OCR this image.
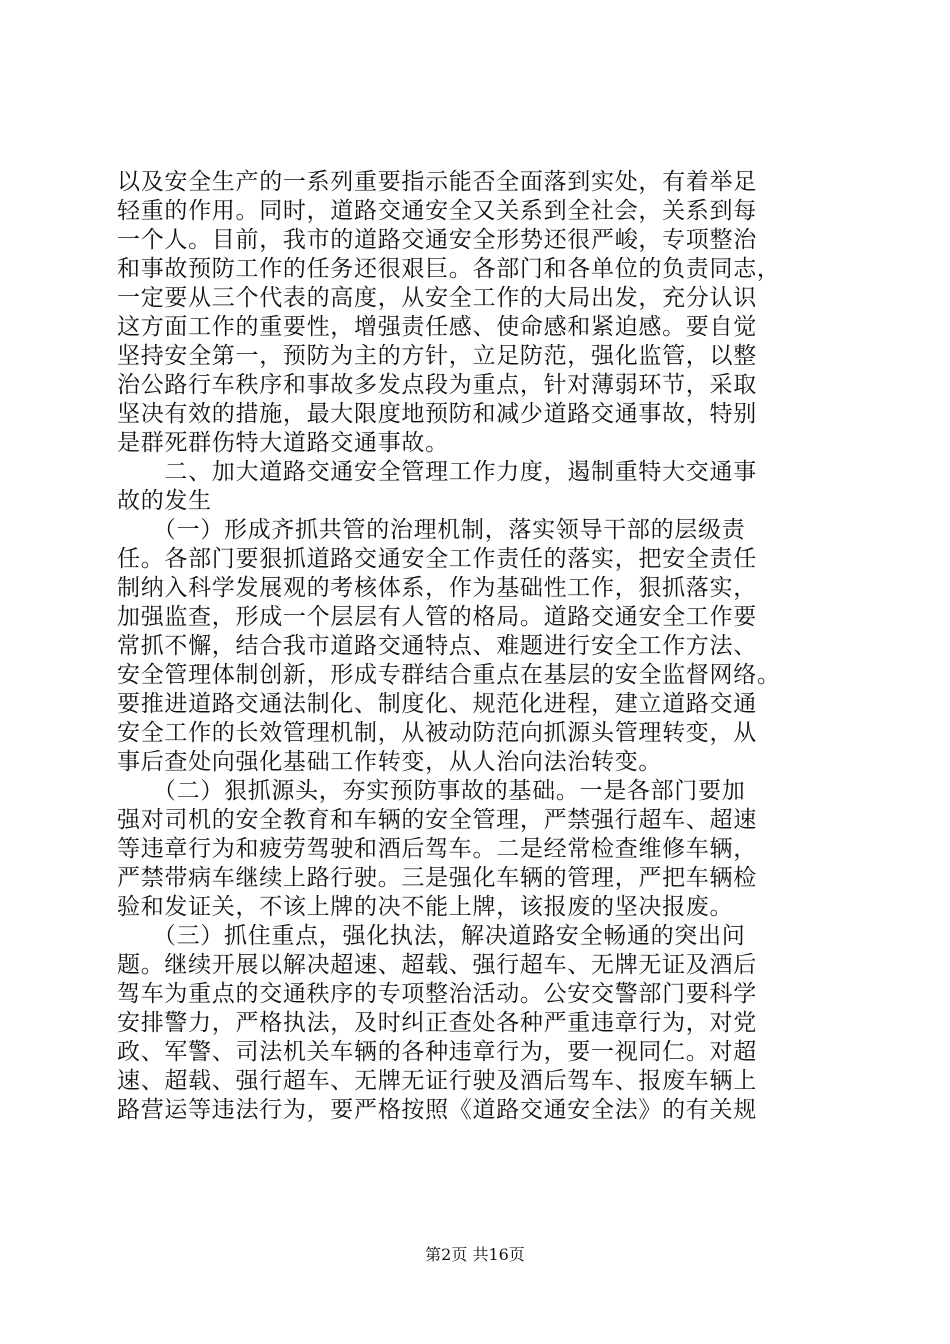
以及安全生产的一系列重要指示能否全面落到实处，有着举足
轻重的作用。同时，道路交通安全又关系到全社会，关系到每
一个人。目前，我市的道路交通安全形势还很严峻，专项整治
和事故预防工作的任务还很艰巨。各部门和各单位的负责同志，
一定要从三个代表的高度，从安全工作的大局出发，充分认识
这方面工作的重要性，增强责任感、使命感和紧迫感。要自觉
坚持安全第一，预防为主的方针，立足防范，强化监管，以整
治公路行车秩序和事故多发点段为重点，针对薄弱环节，采取
坚决有效的措施，最大限度地预防和减少道路交通事故，特别
是群死群伤特大道路交通事故。
　　二、加大道路交通安全管理工作力度，遏制重特大交通事
故的发生
　　（一）形成齐抓共管的治理机制，落实领导干部的层级责
任。各部门要狠抓道路交通安全工作责任的落实，把安全责任
制纳入科学发展观的考核体系，作为基础性工作，狠抓落实，
加强监查，形成一个层层有人管的格局。道路交通安全工作要
常抓不懈，结合我市道路交通特点、难题进行安全工作方法、
安全管理体制创新，形成专群结合重点在基层的安全监督网络。
要推进道路交通法制化、制度化、规范化进程，建立道路交通
安全工作的长效管理机制，从被动防范向抓源头管理转变，从
事后查处向强化基础工作转变，从人治向法治转变。
　　（二）狠抓源头，夯实预防事故的基础。一是各部门要加
强对司机的安全教育和车辆的安全管理，严禁强行超车、超速
等违章行为和疲劳驾驶和酒后驾车。二是经常检查维修车辆，
严禁带病车继续上路行驶。三是强化车辆的管理，严把车辆检
验和发证关，不该上牌的决不能上牌，该报废的坚决报废。
　　（三）抓住重点，强化执法，解决道路安全畅通的突出问
题。继续开展以解决超速、超载、强行超车、无牌无证及酒后
驾车为重点的交通秩序的专项整治活动。公安交警部门要科学
安排警力，严格执法，及时纠正查处各种严重违章行为，对党
政、军警、司法机关车辆的各种违章行为，要一视同仁。对超
速、超载、强行超车、无牌无证行驶及酒后驾车、报废车辆上
路营运等违法行为，要严格按照《道路交通安全法》的有关规
第2页 共16页
